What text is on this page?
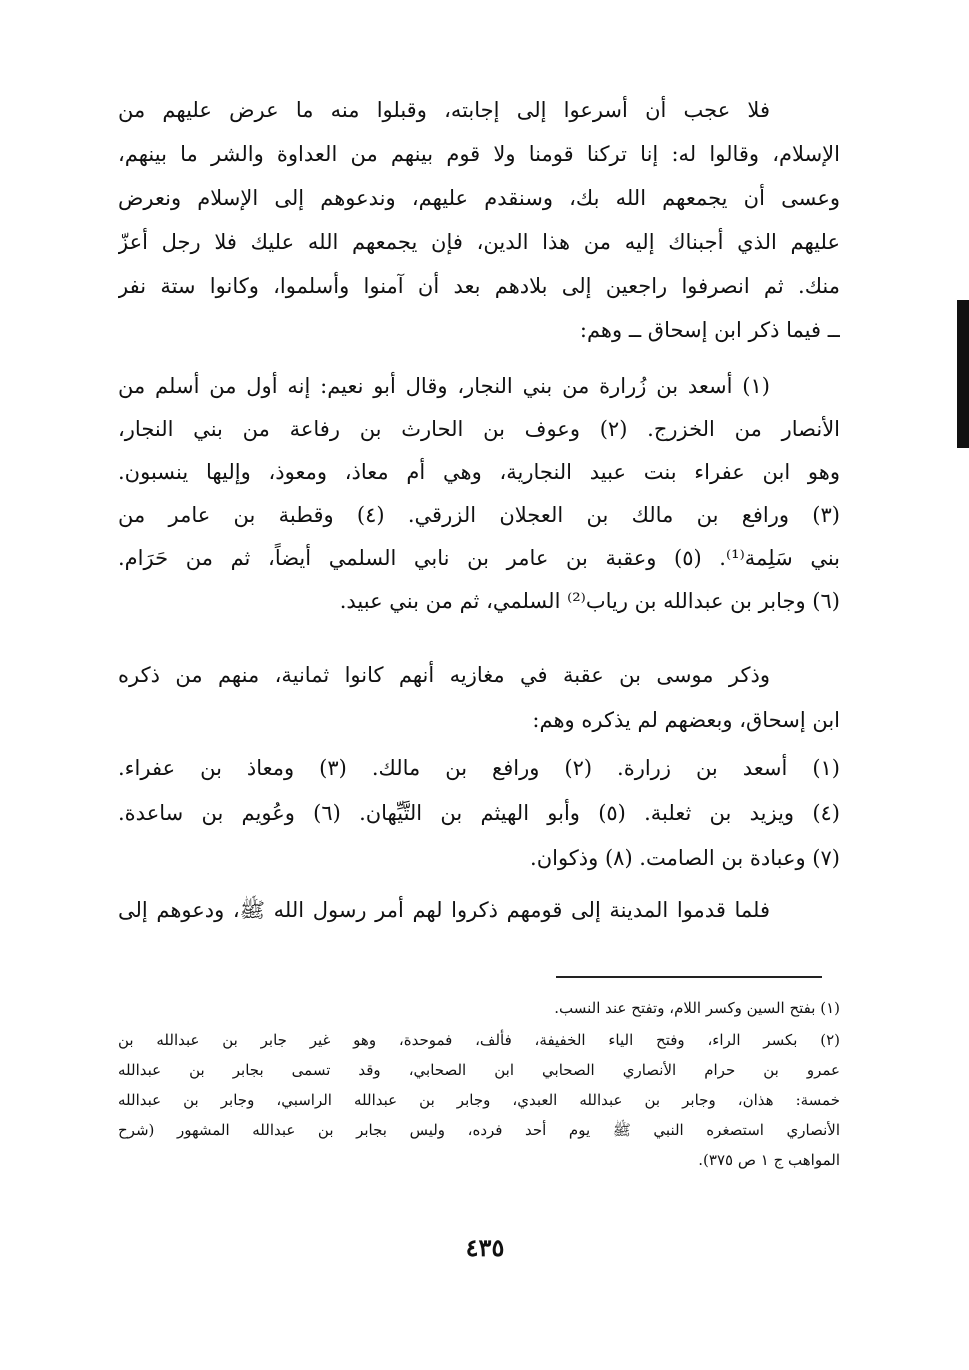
فلا عجب أن أسرعوا إلى إجابته، وقبلوا منه ما عرض عليهم من
الإسلام، وقالوا له: إنا تركنا قومنا ولا قوم بينهم من العداوة والشر ما بينهم،
وعسى أن يجمعهم الله بك، وسنقدم عليهم، وندعوهم إلى الإسلام ونعرض
عليهم الذي أجبناك إليه من هذا الدين، فإن يجمعهم الله عليك فلا رجل أعزّ
منك. ثم انصرفوا راجعين إلى بلادهم بعد أن آمنوا وأسلموا، وكانوا ستة نفر
ــ فيما ذكر ابن إسحاق ــ وهم:
(١) أسعد بن زُرارة من بني النجار، وقال أبو نعيم: إنه أول من أسلم من
الأنصار من الخزرج. (٢) وعوف بن الحارث بن رفاعة من بني النجار،
وهو ابن عفراء بنت عبيد النجارية، وهي أم معاذ، ومعوذ، وإليها ينسبون.
(٣) ورافع بن مالك بن العجلان الزرقي. (٤) وقطبة بن عامر من
بني سَلِمة⁽¹⁾. (٥) وعقبة بن عامر بن نابي السلمي أيضاً، ثم من حَرَام.
(٦) وجابر بن عبدالله بن رياب⁽²⁾ السلمي، ثم من بني عبيد.
وذكر موسى بن عقبة في مغازيه أنهم كانوا ثمانية، منهم من ذكره
ابن إسحاق، وبعضهم لم يذكره وهم:
(١) أسعد بن زرارة. (٢) ورافع بن مالك. (٣) ومعاذ بن عفراء.
(٤) ويزيد بن ثعلبة. (٥) وأبو الهيثم بن التَّيِّهان. (٦) وعُويم بن ساعدة.
(٧) وعبادة بن الصامت. (٨) وذكوان.
فلما قدموا المدينة إلى قومهم ذكروا لهم أمر رسول الله ﷺ، ودعوهم إلى
(١) بفتح السين وكسر اللام، وتفتح عند النسب.
(٢) بكسر الراء، وفتح الياء الخفيفة، فألف، فموحدة، وهو غير جابر بن عبدالله بن
عمرو بن حرام الأنصاري الصحابي ابن الصحابي، وقد تسمى بجابر بن عبدالله
خمسة: هذان، وجابر بن عبدالله العبدي، وجابر بن عبدالله الراسبي، وجابر بن عبدالله
الأنصاري استصغره النبي ﷺ يوم أحد فرده، وليس بجابر بن عبدالله المشهور (شرح
المواهب ج ١ ص ٣٧٥).
٤٣٥
